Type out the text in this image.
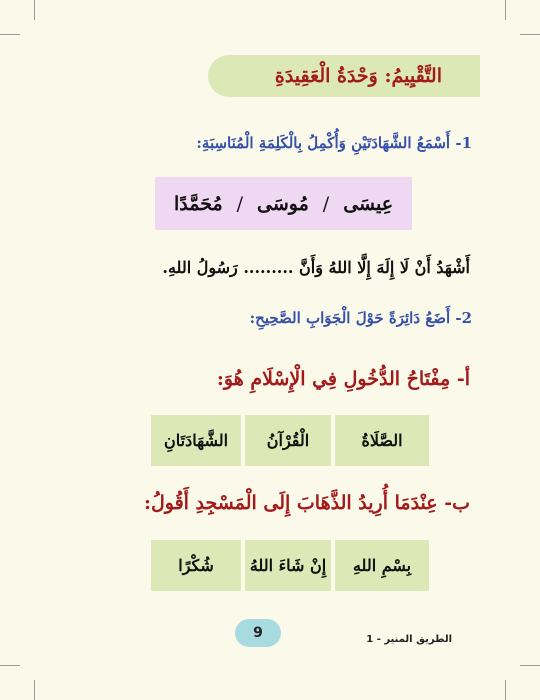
التَّقْيِيمُ: وَحْدَةُ الْعَقِيدَةِ
1- أَسْمَعُ الشَّهَادَتَيْنِ وَأُكْمِلُ بِالْكَلِمَةِ الْمُنَاسِبَةِ:
عِيسَى
/
مُوسَى
/
مُحَمَّدًا
أَشْهَدُ أَنْ لَا إِلَهَ إِلَّا اللهُ وَأَنَّ ......... رَسُولُ اللهِ.
2- أَضَعُ دَائِرَةً حَوْلَ الْجَوَابِ الصَّحِيحِ:
أ- مِفْتَاحُ الدُّخُولِ فِي الْإِسْلَامِ هُوَ:
الصَّلَاةُ
الْقُرْآنُ
الشَّهَادَتَانِ
ب- عِنْدَمَا أُرِيدُ الذَّهَابَ إِلَى الْمَسْجِدِ أَقُولُ:
بِسْمِ اللهِ
إِنْ شَاءَ اللهُ
شُكْرًا
9	الطريق المنير - 1
